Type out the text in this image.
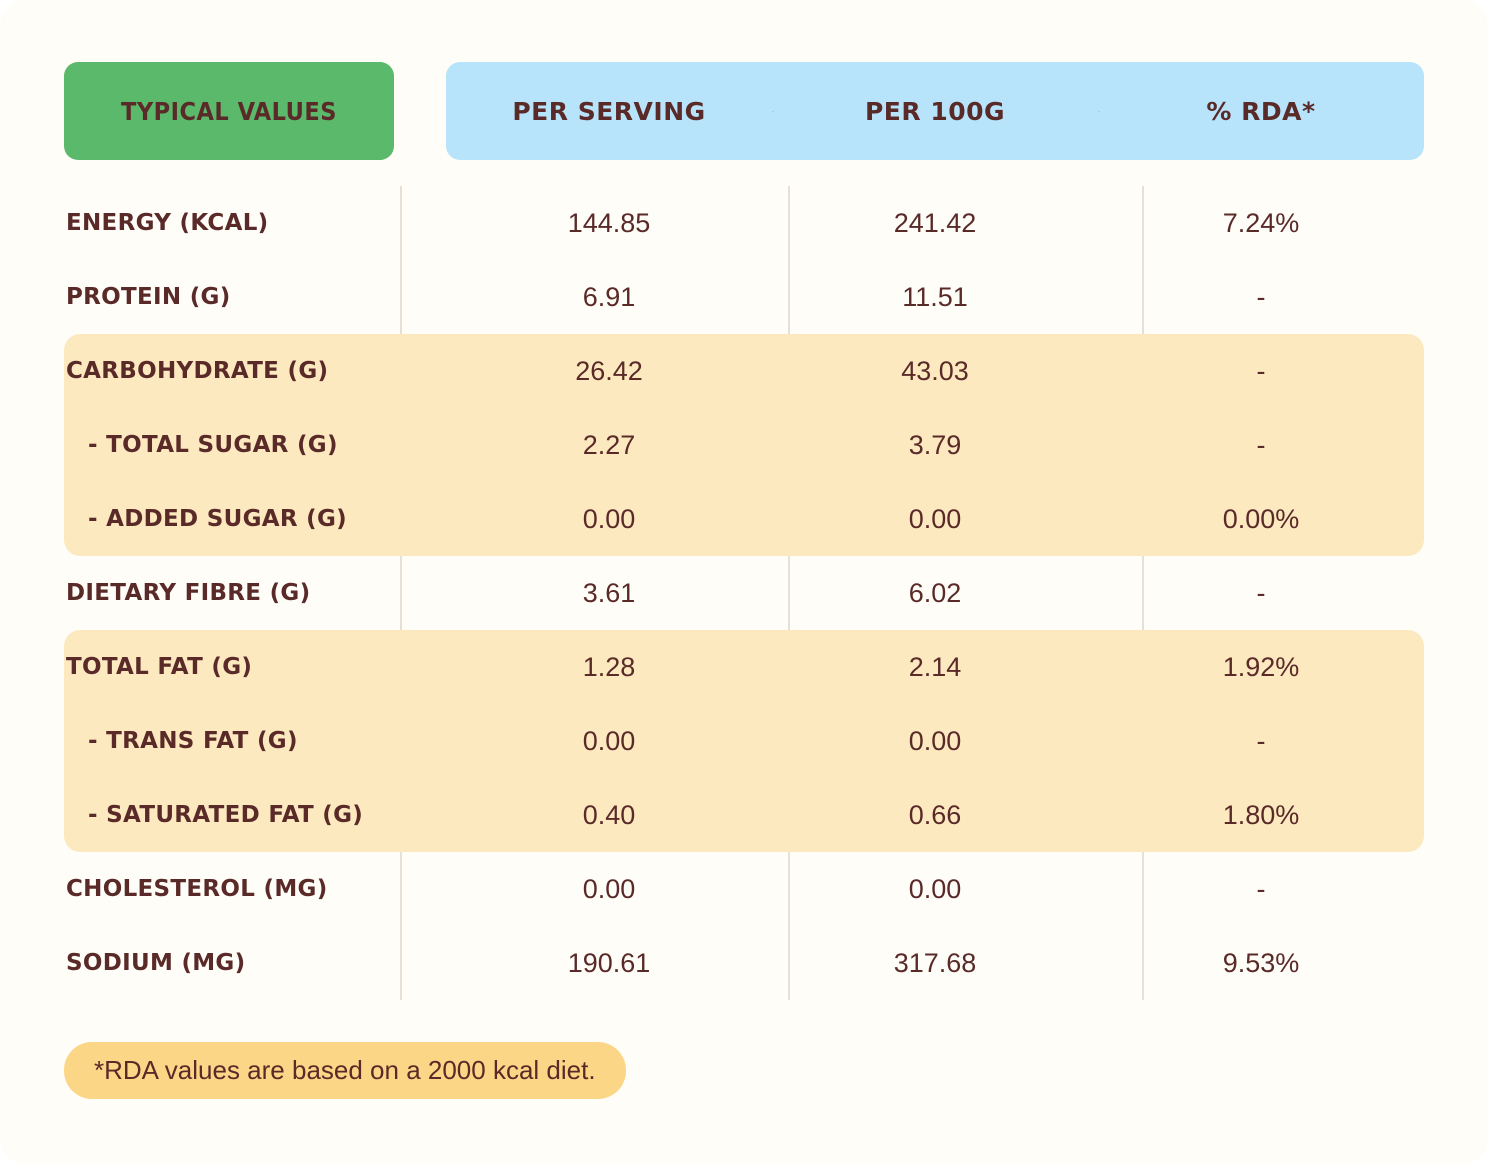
TYPICAL VALUES	PER SERVING	PER 100G	% RDA*
ENERGY (KCAL)	144.85	241.42	7.24%
PROTEIN (G)	6.91	11.51	-
CARBOHYDRATE (G)	26.42	43.03	-
- TOTAL SUGAR (G)	2.27	3.79	-
- ADDED SUGAR (G)	0.00	0.00	0.00%
DIETARY FIBRE (G)	3.61	6.02	-
TOTAL FAT (G)	1.28	2.14	1.92%
- TRANS FAT (G)	0.00	0.00	-
- SATURATED FAT (G)	0.40	0.66	1.80%
CHOLESTEROL (MG)	0.00	0.00	-
SODIUM (MG)	190.61	317.68	9.53%
*RDA values are based on a 2000 kcal diet.
